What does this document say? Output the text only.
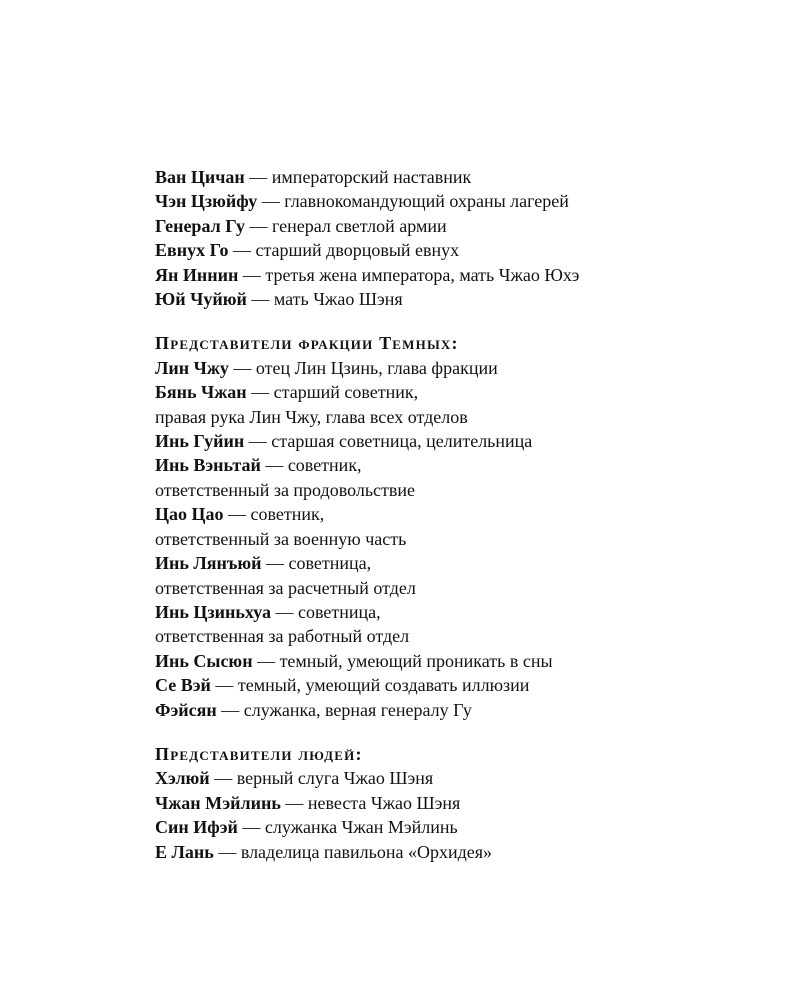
Ван Цичан — императорский наставник

Чэн Цзюйфу — главнокомандующий охраны лагерей

Генерал Гу — генерал светлой армии

Евнух Го — старший дворцовый евнух

Ян Иннин — третья жена императора, мать Чжао Юхэ

Юй Чуйюй — мать Чжао Шэня

Представители фракции Темных:

Лин Чжу — отец Лин Цзинь, глава фракции

Бянь Чжан — старший советник,
правая рука Лин Чжу, глава всех отделов

Инь Гуйин — старшая советница, целительница

Инь Вэньтай — советник,
ответственный за продовольствие

Цао Цао — советник,
ответственный за военную часть

Инь Лянъюй — советница,
ответственная за расчетный отдел

Инь Цзиньхуа — советница,
ответственная за работный отдел

Инь Сысюн — темный, умеющий проникать в сны

Се Вэй — темный, умеющий создавать иллюзии

Фэйсян — служанка, верная генералу Гу

Представители людей:

Хэлюй — верный слуга Чжао Шэня

Чжан Мэйлинь — невеста Чжао Шэня

Син Ифэй — служанка Чжан Мэйлинь

Е Лань — владелица павильона «Орхидея»
